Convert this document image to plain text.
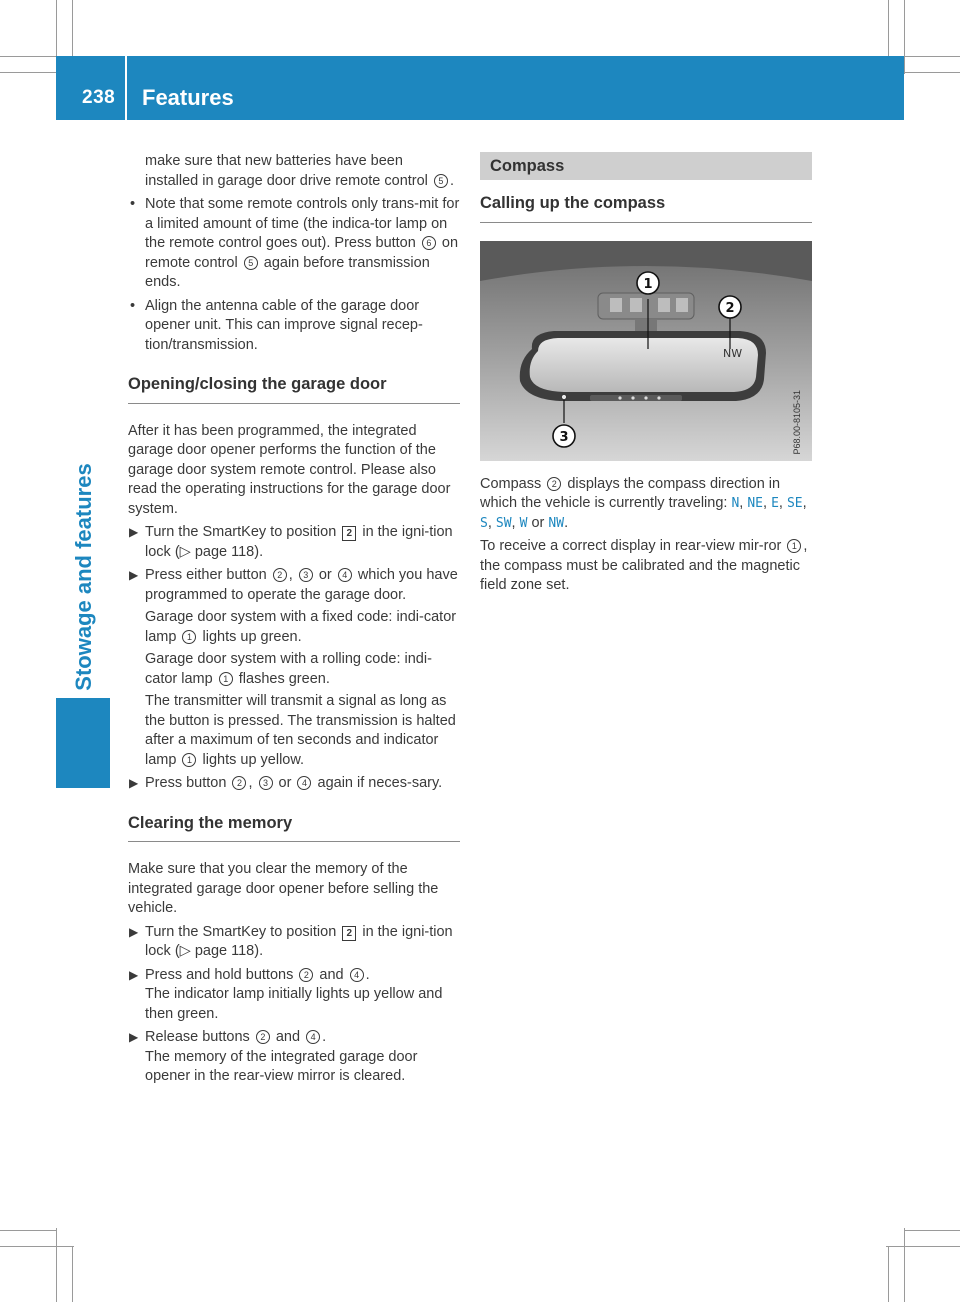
238 Features
Stowage and features

make sure that new batteries have been installed in garage door drive remote control 5 .

• Note that some remote controls only trans-mit for a limited amount of time (the indica-tor lamp on the remote control goes out). Press button 6 on remote control 5 again before transmission ends.
• Align the antenna cable of the garage door opener unit. This can improve signal recep-tion/transmission.
Opening/closing the garage door

After it has been programmed, the integrated garage door opener performs the function of the garage door system remote control. Please also read the operating instructions for the garage door system.

▶ Turn the SmartKey to position 2 in the igni-tion lock (▷ page 118).
▶ Press either button 2 , 3 or 4 which you have programmed to operate the garage door.
Garage door system with a fixed code: indi-cator lamp 1 lights up green.
Garage door system with a rolling code: indi-cator lamp 1 flashes green.
The transmitter will transmit a signal as long as the button is pressed. The transmission is halted after a maximum of ten seconds and indicator lamp 1 lights up yellow.
▶ Press button 2 , 3 or 4 again if neces-sary.
Clearing the memory

Make sure that you clear the memory of the integrated garage door opener before selling the vehicle.

▶ Turn the SmartKey to position 2 in the igni-tion lock (▷ page 118).
▶ Press and hold buttons 2 and 4 .
The indicator lamp initially lights up yellow and then green.
▶ Release buttons 2 and 4 .
The memory of the integrated garage door opener in the rear-view mirror is cleared.
Compass
Calling up the compass
NW
1
2
3	P68.00-8105-31

Compass 2 displays the compass direction in which the vehicle is currently traveling: N, NE, E, SE, S, SW, W or NW.

To receive a correct display in rear-view mir-ror 1 , the compass must be calibrated and the magnetic field zone set.
